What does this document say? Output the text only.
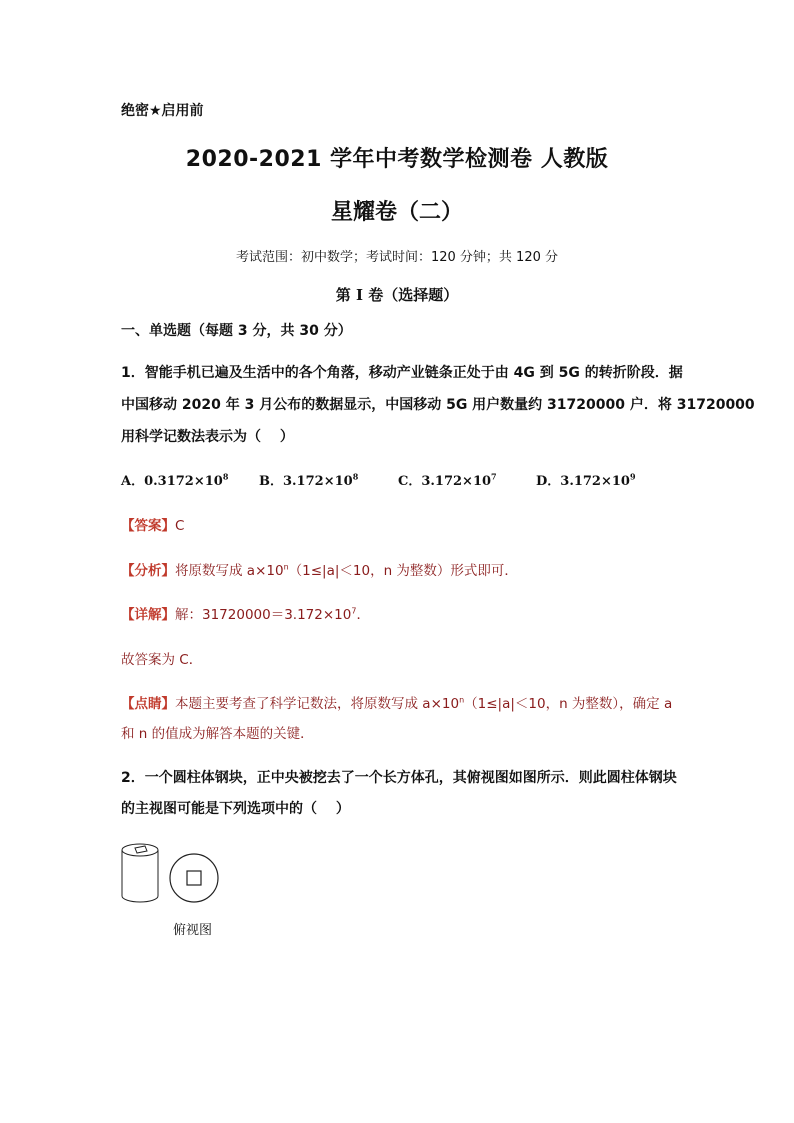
绝密★启用前
2020-2021 学年中考数学检测卷 人教版
星耀卷（二）
考试范围：初中数学；考试时间：120 分钟；共 120 分
第 I 卷（选择题）
一、单选题（每题 3 分，共 30 分）
1．智能手机已遍及生活中的各个角落，移动产业链条正处于由 4G 到 5G 的转折阶段．据
中国移动 2020 年 3 月公布的数据显示，中国移动 5G 用户数量约 31720000 户．将 31720000
用科学记数法表示为（　 ）
A．$0.3172\times 10^8$ B．$3.172\times 10^8$	C．$3.172\times 10^7$	D．$3.172\times 10^9$
【答案】C
【分析】将原数写成 $a\times 10^n(1\le|a|<10$，n 为整数）形式即可．
【详解】解：$31720000=3.172\times 10^7$．
故答案为 C．
【点睛】本题主要考查了科学记数法，将原数写成 $a\times 10^n(1\le|a|<10$，n 为整数），确定 a
和 n 的值成为解答本题的关键．
2．一个圆柱体钢块，正中央被挖去了一个长方体孔，其俯视图如图所示．则此圆柱体钢块
的主视图可能是下列选项中的（　 ）
俯视图
